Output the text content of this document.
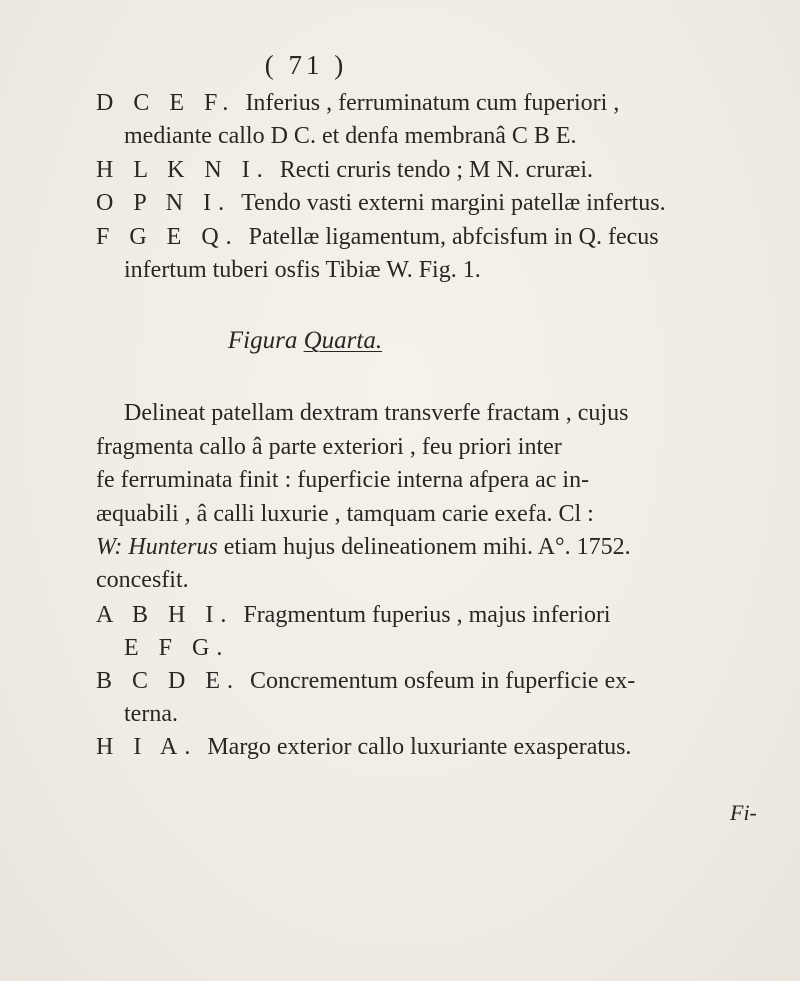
( 71 )
D C E F. Inferius , ferruminatum cum fuperiori ,
mediante callo D C. et denfa membranâ C B E.
H L K N I. Recti cruris tendo ; M N. cruræi.
O P N I. Tendo vasti externi margini patellæ infertus.
F G E Q. Patellæ ligamentum, abfcisfum in Q. fecus
infertum tuberi osfis Tibiæ W. Fig. 1.
Figura Quarta.
Delineat patellam dextram transverfe fractam , cujus
fragmenta callo â parte exteriori , feu priori inter
fe ferruminata finit : fuperficie interna afpera ac in-
æquabili , â calli luxurie , tamquam carie exefa. Cl :
W: Hunterus etiam hujus delineationem mihi. A°. 1752.
concesfit.
A B H I. Fragmentum fuperius , majus inferiori
E F G.
B C D E. Concrementum osfeum in fuperficie ex-
terna.
H I A. Margo exterior callo luxuriante exasperatus.
Fi-
